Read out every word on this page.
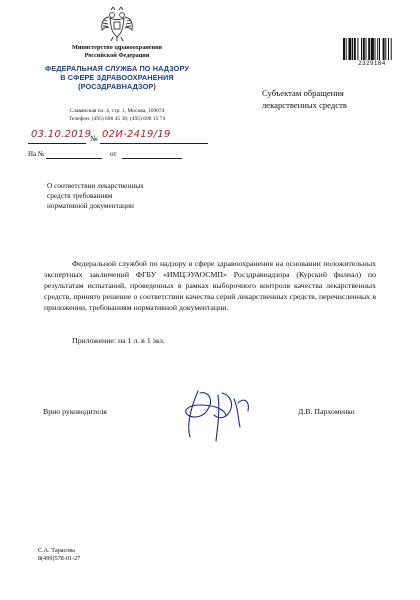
Министерство здравоохранения
Российской Федерации
ФЕДЕРАЛЬНАЯ СЛУЖБА ПО НАДЗОРУ
В СФЕРЕ ЗДРАВООХРАНЕНИЯ
(РОСЗДРАВНАДЗОР)
Славянская пл. 4, стр. 1, Москва, 109074
Телефон: (495) 698 45 38; (495) 698 15 74
2329184
Субъектам обращения
лекарственных средств
03.10.2019
№ 02И-2419/19
На №	от
О соответствии лекарственных
средств требованиям
нормативной документации
Федеральной службой по надзору в сфере здравоохранения на основании положительных экспертных заключений ФГБУ «ИМЦЭУАОСМП» Росздравнадзора (Курский филиал) по результатам испытаний, проведенных в рамках выборочного контроля качества лекарственных средств, принято решение о соответствии качества серий лекарственных средств, перечисленных в приложении, требованиям нормативной документации.
Приложение: на 1 л. в 1 экз.
Врио руководителя	Д.В. Пархоменко
С.А. Тарасова
8(499)578-01-27
